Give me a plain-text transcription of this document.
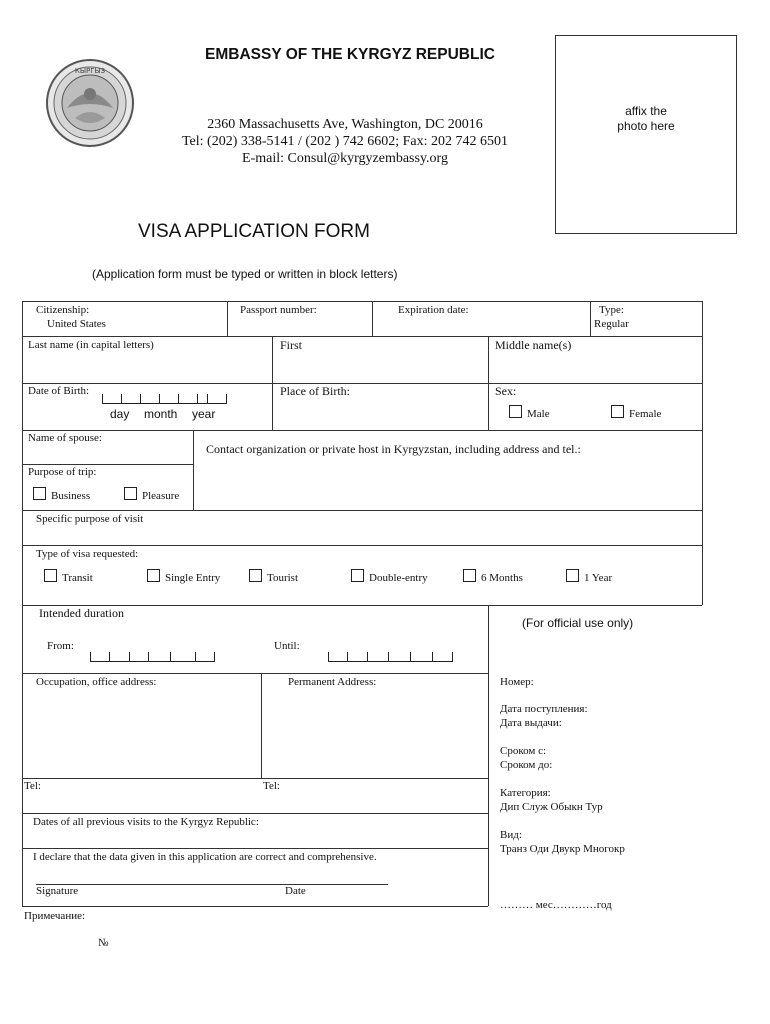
КЫРГЫЗ
EMBASSY OF THE KYRGYZ REPUBLIC
2360 Massachusetts Ave, Washington, DC 20016
Tel: (202) 338-5141 / (202 ) 742 6602; Fax: 202 742 6501
E-mail: Consul@kyrgyzembassy.org
affix the
photo here
VISA APPLICATION FORM
(Application form must be typed or written in block letters)
Citizenship:
United States
Passport number:	Expiration date:	Type:
Regular
Last name (in capital letters)	First	Middle name(s)
Date of Birth:
day month year
Place of Birth:	Sex:
Male	Female
Name of spouse:
Contact organization or private host in Kyrgyzstan, including address and tel.:
Purpose of trip:
Business	Pleasure
Specific purpose of visit
Type of visa requested:
Transit	Single Entry	Tourist	Double-entry	6 Months	1 Year
Intended duration
From:	Until:
Occupation, office address:	Permanent Address:
Tel:	Tel:
Dates of all previous visits to the Kyrgyz Republic:
I declare that the data given in this application are correct and comprehensive.
Signature	Date
Примечание:
№
(For official use only)
Номер:
Дата поступления:
Дата выдачи:
Сроком с:
Сроком до:
Категория:
Дип Служ Обыкн Тур
Вид:
Транз Оди Двукр Многокр
……… мес…………год
